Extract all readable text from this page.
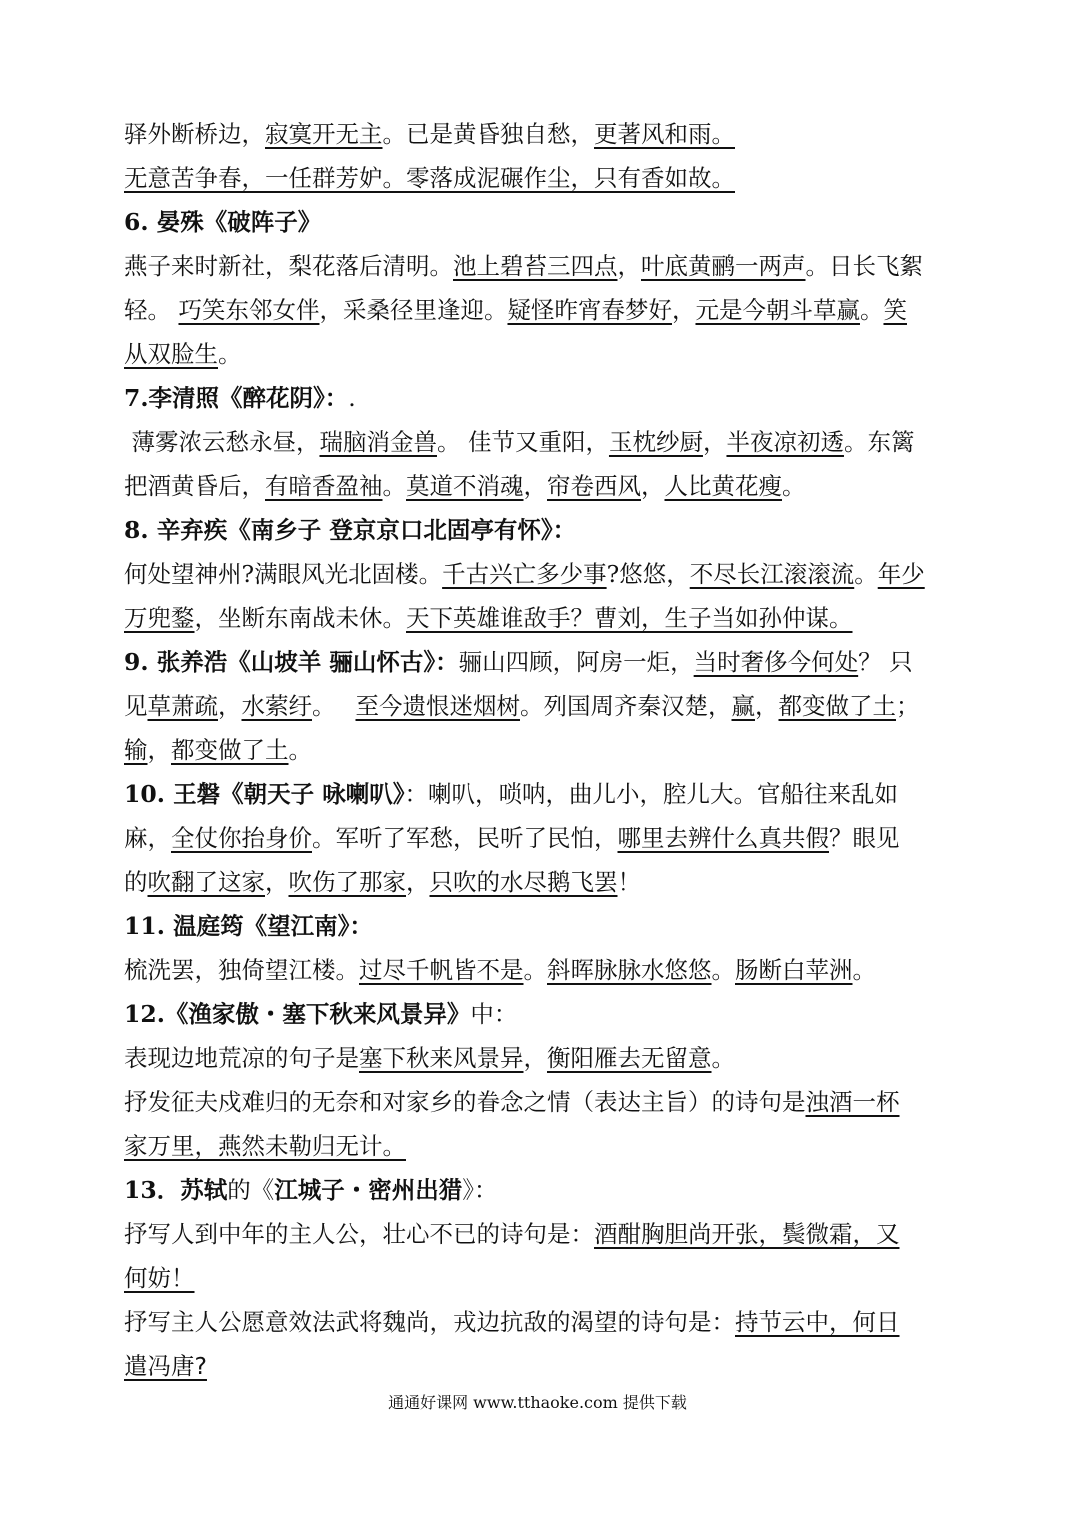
驿外断桥边，寂寞开无主。已是黄昏独自愁，更著风和雨。
无意苦争春，一任群芳妒。零落成泥碾作尘，只有香如故。
6. 晏殊《破阵子》
燕子来时新社，梨花落后清明。池上碧苔三四点，叶底黄鹂一两声。日长飞絮
轻。 巧笑东邻女伴，采桑径里逢迎。疑怪昨宵春梦好，元是今朝斗草赢。笑
从双脸生。
7.李清照《醉花阴》：.
薄雾浓云愁永昼，瑞脑消金兽。 佳节又重阳，玉枕纱厨，半夜凉初透。东篱
把酒黄昏后，有暗香盈袖。莫道不消魂，帘卷西风，人比黄花瘦。
8. 辛弃疾《南乡子 登京京口北固亭有怀》：
何处望神州?满眼风光北固楼。千古兴亡多少事?悠悠，不尽长江滚滚流。年少
万兜鍪，坐断东南战未休。天下英雄谁敌手？曹刘，生子当如孙仲谋。
9. 张养浩《山坡羊 骊山怀古》：骊山四顾，阿房一炬，当时奢侈今何处？ 只
见草萧疏，水萦纡。 至今遗恨迷烟树。列国周齐秦汉楚，赢，都变做了土；
输，都变做了土。
10. 王磐《朝天子 咏喇叭》：喇叭，唢呐，曲儿小，腔儿大。官船往来乱如
麻，全仗你抬身价。军听了军愁，民听了民怕，哪里去辨什么真共假？眼见
的吹翻了这家，吹伤了那家，只吹的水尽鹅飞罢！
11. 温庭筠《望江南》：
梳洗罢，独倚望江楼。过尽千帆皆不是。斜晖脉脉水悠悠。肠断白苹洲。
12.《渔家傲・塞下秋来风景异》中：
表现边地荒凉的句子是塞下秋来风景异，衡阳雁去无留意。
抒发征夫戍难归的无奈和对家乡的眷念之情（表达主旨）的诗句是浊酒一杯
家万里，燕然未勒归无计。
13．苏轼的《江城子・密州出猎》：
抒写人到中年的主人公，壮心不已的诗句是：酒酣胸胆尚开张，鬓微霜，又
何妨！
抒写主人公愿意效法武将魏尚，戎边抗敌的渴望的诗句是：持节云中，何日
遣冯唐?
通通好课网 www.tthaoke.com 提供下载
